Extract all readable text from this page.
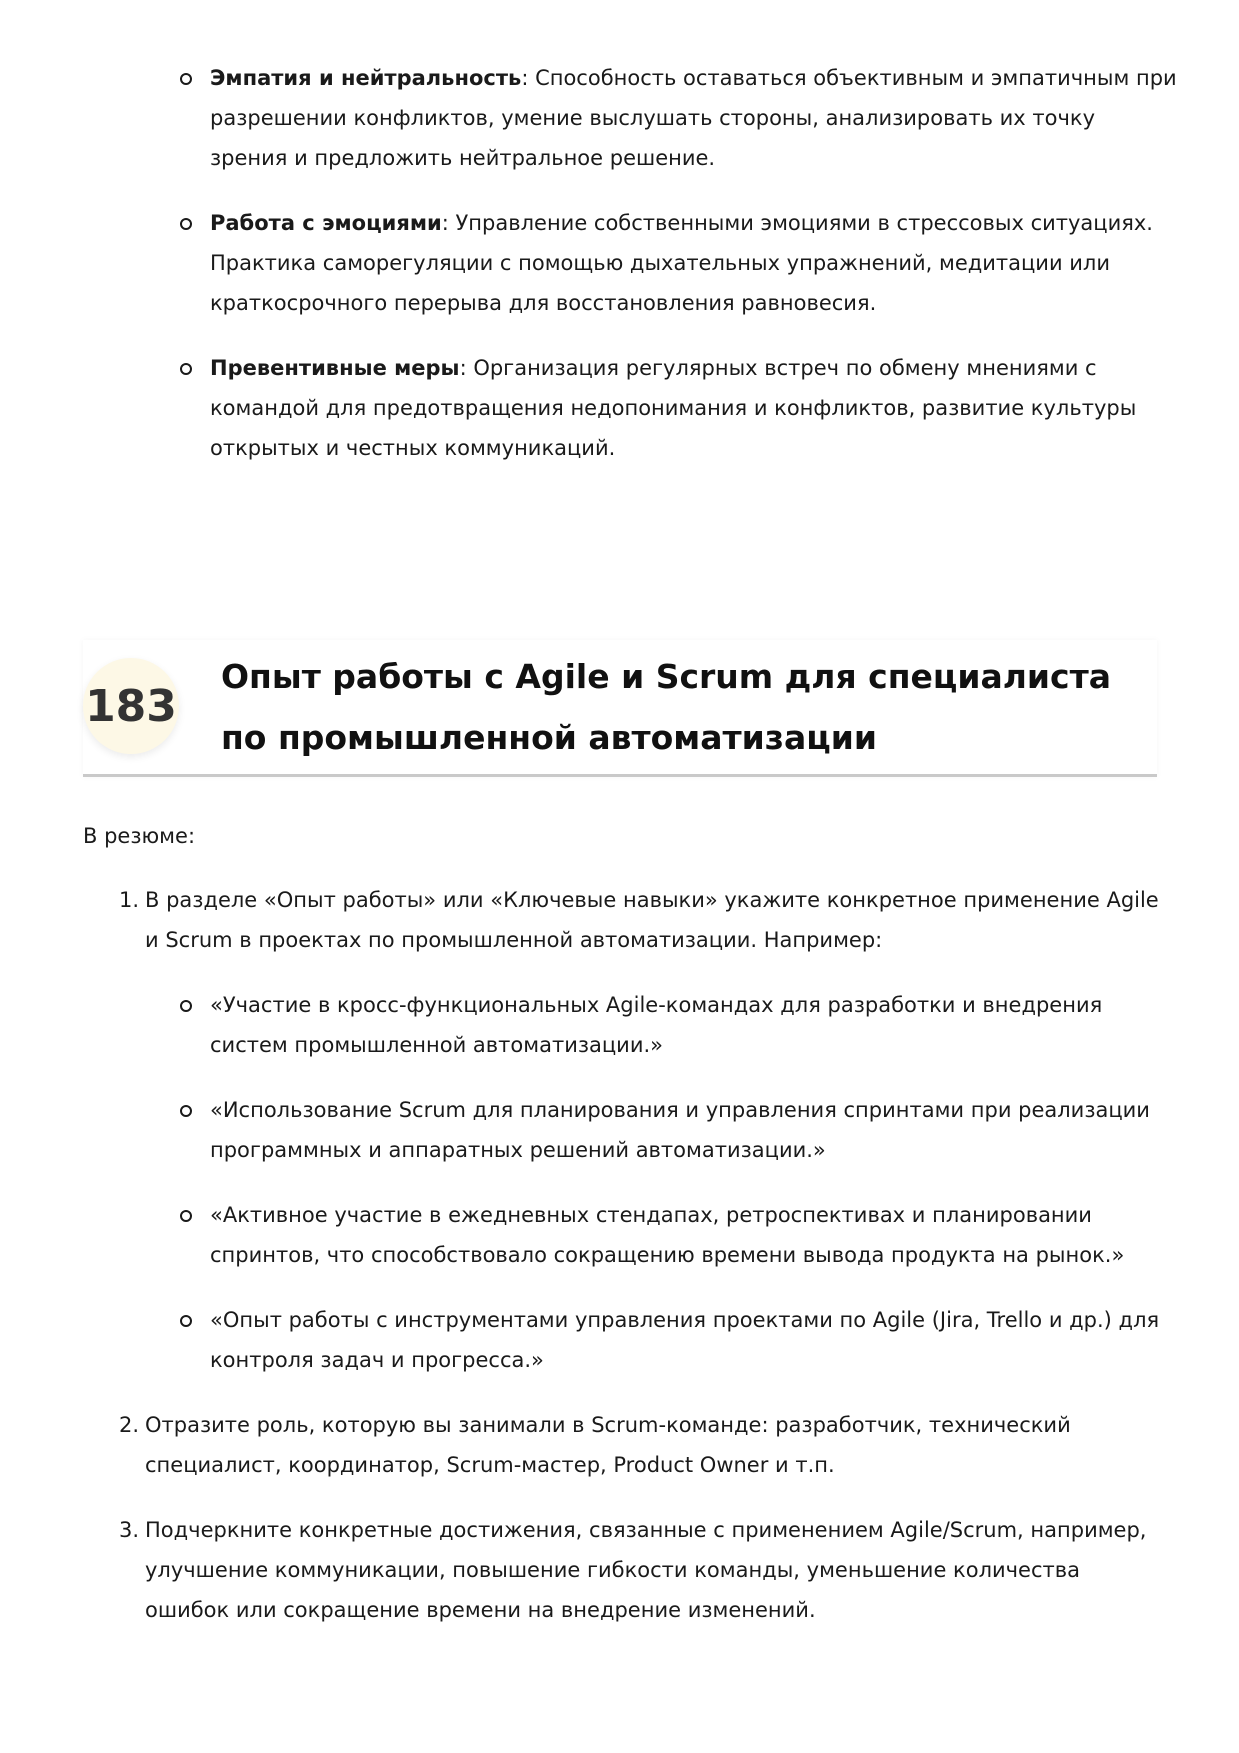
Эмпатия и нейтральность: Способность оставаться объективным и эмпатичным при разрешении конфликтов, умение выслушать стороны, анализировать их точку зрения и предложить нейтральное решение.
Работа с эмоциями: Управление собственными эмоциями в стрессовых ситуациях. Практика саморегуляции с помощью дыхательных упражнений, медитации или краткосрочного перерыва для восстановления равновесия.
Превентивные меры: Организация регулярных встреч по обмену мнениями с командой для предотвращения недопонимания и конфликтов, развитие культуры открытых и честных коммуникаций.
183
Опыт работы с Agile и Scrum для специалиста по промышленной автоматизации

В резюме:

1. В разделе «Опыт работы» или «Ключевые навыки» укажите конкретное применение Agile и Scrum в проектах по промышленной автоматизации. Например:
«Участие в кросс-функциональных Agile-командах для разработки и внедрения систем промышленной автоматизации.»
«Использование Scrum для планирования и управления спринтами при реализации программных и аппаратных решений автоматизации.»
«Активное участие в ежедневных стендапах, ретроспективах и планировании спринтов, что способствовало сокращению времени вывода продукта на рынок.»
«Опыт работы с инструментами управления проектами по Agile (Jira, Trello и др.) для контроля задач и прогресса.»
2. Отразите роль, которую вы занимали в Scrum-команде: разработчик, технический специалист, координатор, Scrum-мастер, Product Owner и т.п.
3. Подчеркните конкретные достижения, связанные с применением Agile/Scrum, например, улучшение коммуникации, повышение гибкости команды, уменьшение количества ошибок или сокращение времени на внедрение изменений.
